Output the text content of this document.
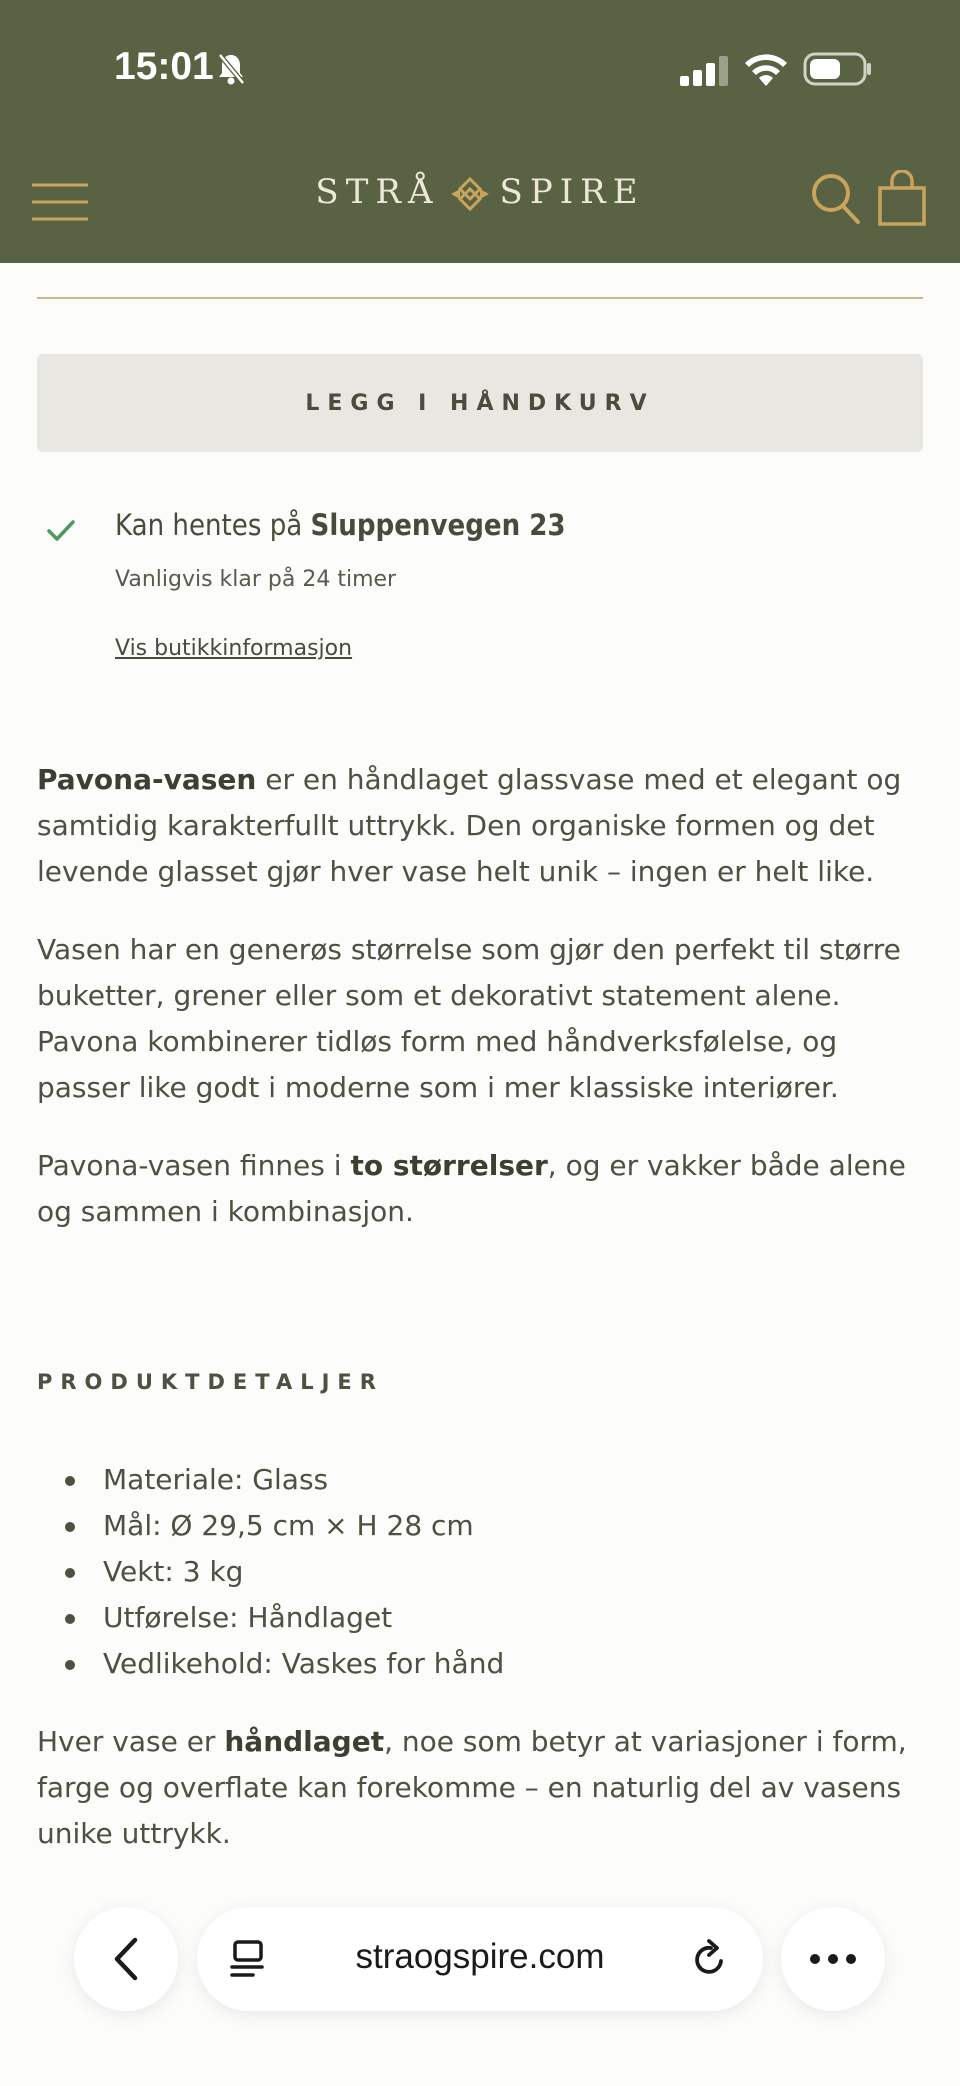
15:01
STRÅ SPIRE
LEGG I HÅNDKURV
Kan hentes på Sluppenvegen 23
Vanligvis klar på 24 timer
Vis butikkinformasjon
Pavona-vasen er en håndlaget glassvase med et elegant og samtidig karakterfullt uttrykk. Den organiske formen og det levende glasset gjør hver vase helt unik – ingen er helt like.
Vasen har en generøs størrelse som gjør den perfekt til større buketter, grener eller som et dekorativt statement alene. Pavona kombinerer tidløs form med håndverksfølelse, og passer like godt i moderne som i mer klassiske interiører.
Pavona-vasen finnes i to størrelser, og er vakker både alene og sammen i kombinasjon.
PRODUKTDETALJER
Materiale: Glass
Mål: Ø 29,5 cm × H 28 cm
Vekt: 3 kg
Utførelse: Håndlaget
Vedlikehold: Vaskes for hånd
Hver vase er håndlaget, noe som betyr at variasjoner i form, farge og overflate kan forekomme – en naturlig del av vasens unike uttrykk.
straogspire.com
